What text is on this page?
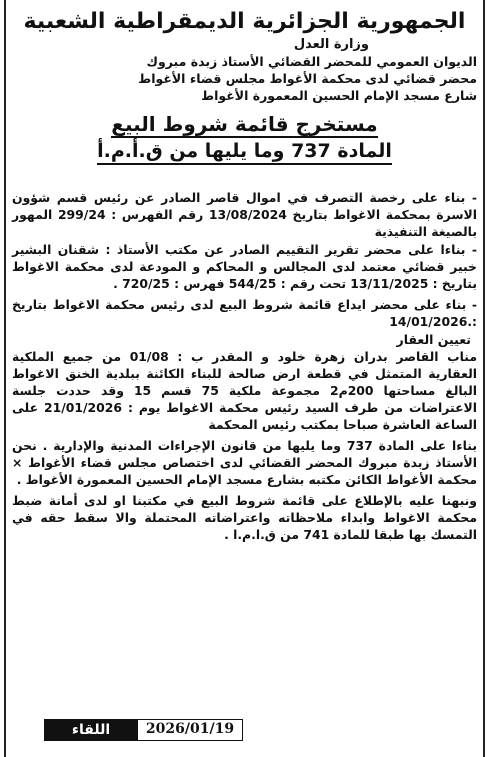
الجمهورية الجزائرية الديمقراطية الشعبية
وزارة العدل
الديوان العمومي للمحضر القضائي الأستاذ زبدة مبروك
محضر قضائي لدى محكمة الأغواط مجلس قضاء الأغواط
شارع مسجد الإمام الحسين المعمورة الأغواط
مستخرج قائمة شروط البيع
المادة 737 وما يليها من ق.أ.م.أ

- بناء على رخصة التصرف في اموال قاصر الصادر عن رئيس قسم شؤون الاسرة بمحكمة الاغواط بتاريخ 13/08/2024 رقم الفهرس : 299/24 المهور بالصيغة التنفيذية

- بناءا على محضر تقرير التقييم الصادر عن مكتب الأستاذ : شقنان البشير خبير قضائي معتمد لدى المجالس و المحاكم و المودعة لدى محكمة الاغواط بتاريخ : 13/11/2025 تحت رقم : 544/25 فهرس : 720/25 .

- بناء على محضر ايداع قائمة شروط البيع لدى رئيس محكمة الاغواط بتاريخ :.14/01/2026

تعيين العقار

مناب القاصر بدران زهرة خلود و المقدر ب : 01/08 من جميع الملكية العقارية المتمثل في قطعة ارض صالحة للبناء الكائنة ببلدية الخنق الاغواط البالغ مساحتها 200م2 مجموعة ملكية 75 قسم 15 وقد حددت جلسة الاعتراضات من طرف السيد رئيس محكمة الاغواط يوم : 21/01/2026 على الساعة العاشرة صباحا بمكتب رئيس المحكمة

بناءا على المادة 737 وما يليها من قانون الإجراءات المدنية والإدارية . نحن الأستاذ زبدة مبروك المحضر القضائي لدى اختصاص مجلس قضاء الأغواط × محكمة الأغواط الكائن مكتبه بشارع مسجد الإمام الحسين المعمورة الأغواط .

ونبهنا عليه بالإطلاع على قائمة شروط البيع في مكتبنا او لدى أمانة ضبط محكمة الاغواط وابداء ملاحظاته واعتراضاته المحتملة والا سقط حقه في التمسك بها طبقا للمادة 741 من ق.ا.م.ا .

اللقاء	2026/01/19
